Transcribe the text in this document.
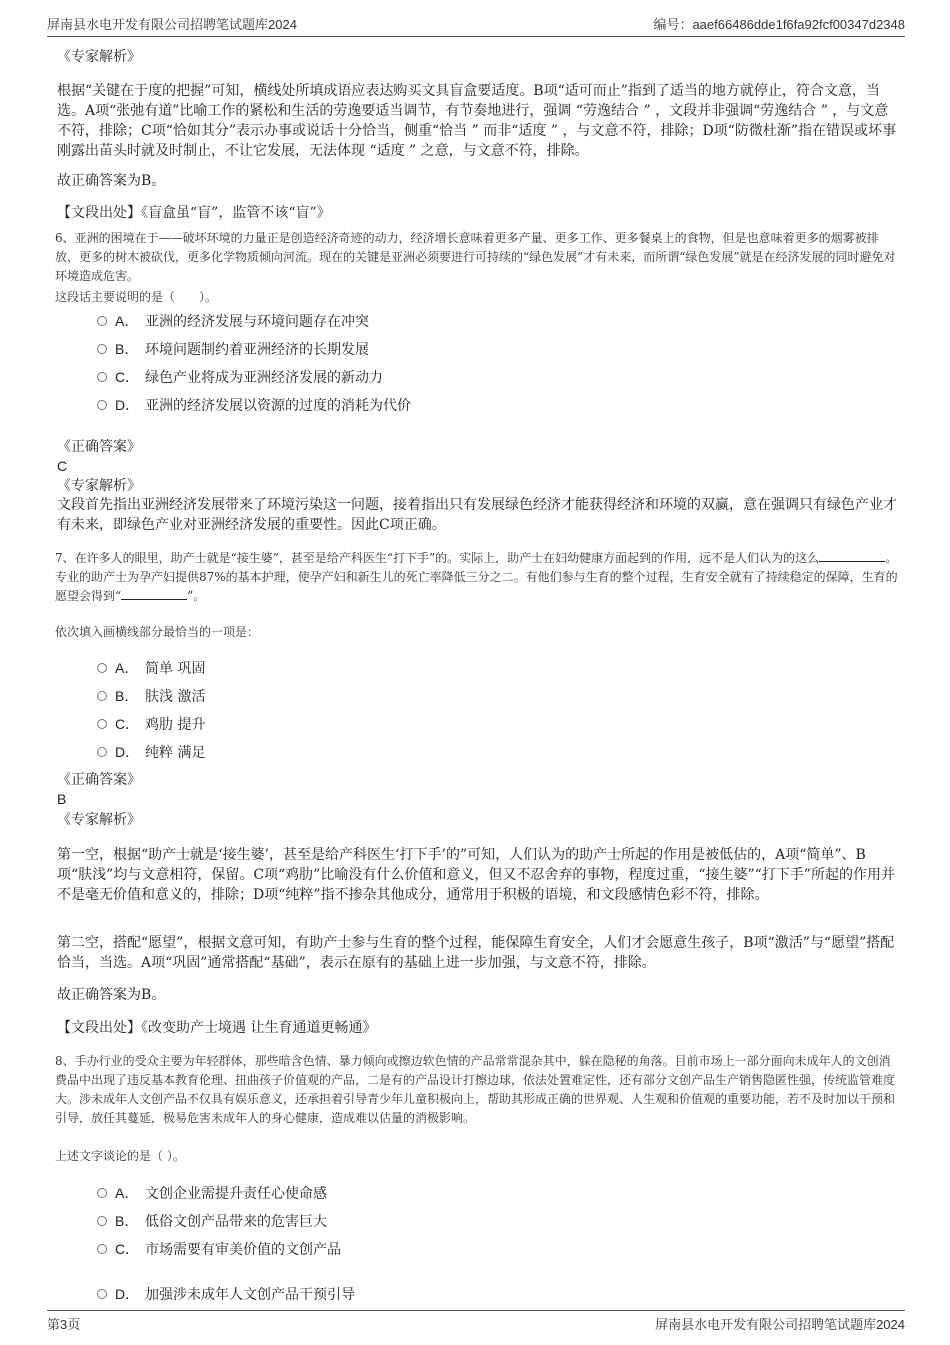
屏南县水电开发有限公司招聘笔试题库2024	编号：aaef66486dde1f6fa92fcf00347d2348
《专家解析》
根据“关键在于度的把握”可知，横线处所填成语应表达购买文具盲盒要适度。B项“适可而止”指到了适当的地方就停止，符合文意，当选。A项“张弛有道”比喻工作的紧松和生活的劳逸要适当调节，有节奏地进行，强调 “劳逸结合 ” ，文段并非强调“劳逸结合 ” ，与文意不符，排除；C项“恰如其分”表示办事或说话十分恰当，侧重“恰当 ” 而非“适度 ” ，与文意不符，排除；D项“防微杜渐”指在错误或坏事刚露出苗头时就及时制止，不让它发展，无法体现 “适度 ” 之意，与文意不符，排除。
故正确答案为B。
【文段出处】《盲盒虽“盲”，监管不该“盲”》
6、亚洲的困境在于——破坏环境的力量正是创造经济奇迹的动力，经济增长意味着更多产量、更多工作、更多餐桌上的食物，但是也意味着更多的烟雾被排放，更多的树木被砍伐，更多化学物质倾向河流。现在的关键是亚洲必须要进行可持续的“绿色发展”才有未来，而所谓“绿色发展”就是在经济发展的同时避免对环境造成危害。
这段话主要说明的是（　　）。
A． 亚洲的经济发展与环境问题存在冲突
B． 环境问题制约着亚洲经济的长期发展
C． 绿色产业将成为亚洲经济发展的新动力
D． 亚洲的经济发展以资源的过度的消耗为代价
《正确答案》
C
《专家解析》
文段首先指出亚洲经济发展带来了环境污染这一问题，接着指出只有发展绿色经济才能获得经济和环境的双赢，意在强调只有绿色产业才有未来，即绿色产业对亚洲经济发展的重要性。因此C项正确。
7、在许多人的眼里，助产士就是“接生婆”，甚至是给产科医生“打下手”的。实际上，助产士在妇幼健康方面起到的作用，远不是人们认为的这么	。专业的助产士为孕产妇提供87%的基本护理，使孕产妇和新生儿的死亡率降低三分之二。有他们参与生育的整个过程，生育安全就有了持续稳定的保障，生育的愿望会得到“	”。
依次填入画横线部分最恰当的一项是：
A． 简单 巩固
B． 肤浅 激活
C． 鸡肋 提升
D． 纯粹 满足
《正确答案》
B
《专家解析》
第一空，根据“助产士就是‘接生婆’，甚至是给产科医生‘打下手’的”可知，人们认为的助产士所起的作用是被低估的，A项“简单”、B项“肤浅”均与文意相符，保留。C项“鸡肋”比喻没有什么价值和意义，但又不忍舍弃的事物，程度过重，“接生婆”“打下手”所起的作用并不是毫无价值和意义的，排除；D项“纯粹”指不掺杂其他成分，通常用于积极的语境，和文段感情色彩不符，排除。
第二空，搭配“愿望”，根据文意可知，有助产士参与生育的整个过程，能保障生育安全，人们才会愿意生孩子，B项“激活”与“愿望”搭配恰当，当选。A项“巩固”通常搭配“基础”，表示在原有的基础上进一步加强，与文意不符，排除。
故正确答案为B。
【文段出处】《改变助产士境遇 让生育通道更畅通》
8、手办行业的受众主要为年轻群体，那些暗含色情、暴力倾向或擦边软色情的产品常常混杂其中，躲在隐秘的角落。目前市场上一部分面向未成年人的文创消费品中出现了违反基本教育伦理、扭曲孩子价值观的产品，二是有的产品设计打擦边球，依法处置难定性，还有部分文创产品生产销售隐匿性强，传统监管难度大。涉未成年人文创产品不仅具有娱乐意义，还承担着引导青少年儿童积极向上，帮助其形成正确的世界观、人生观和价值观的重要功能，若不及时加以干预和引导，放任其蔓延，极易危害未成年人的身心健康，造成难以估量的消极影响。
上述文字谈论的是（ ）。
A． 文创企业需提升责任心使命感
B． 低俗文创产品带来的危害巨大
C． 市场需要有审美价值的文创产品
D． 加强涉未成年人文创产品干预引导
第3页	屏南县水电开发有限公司招聘笔试题库2024
